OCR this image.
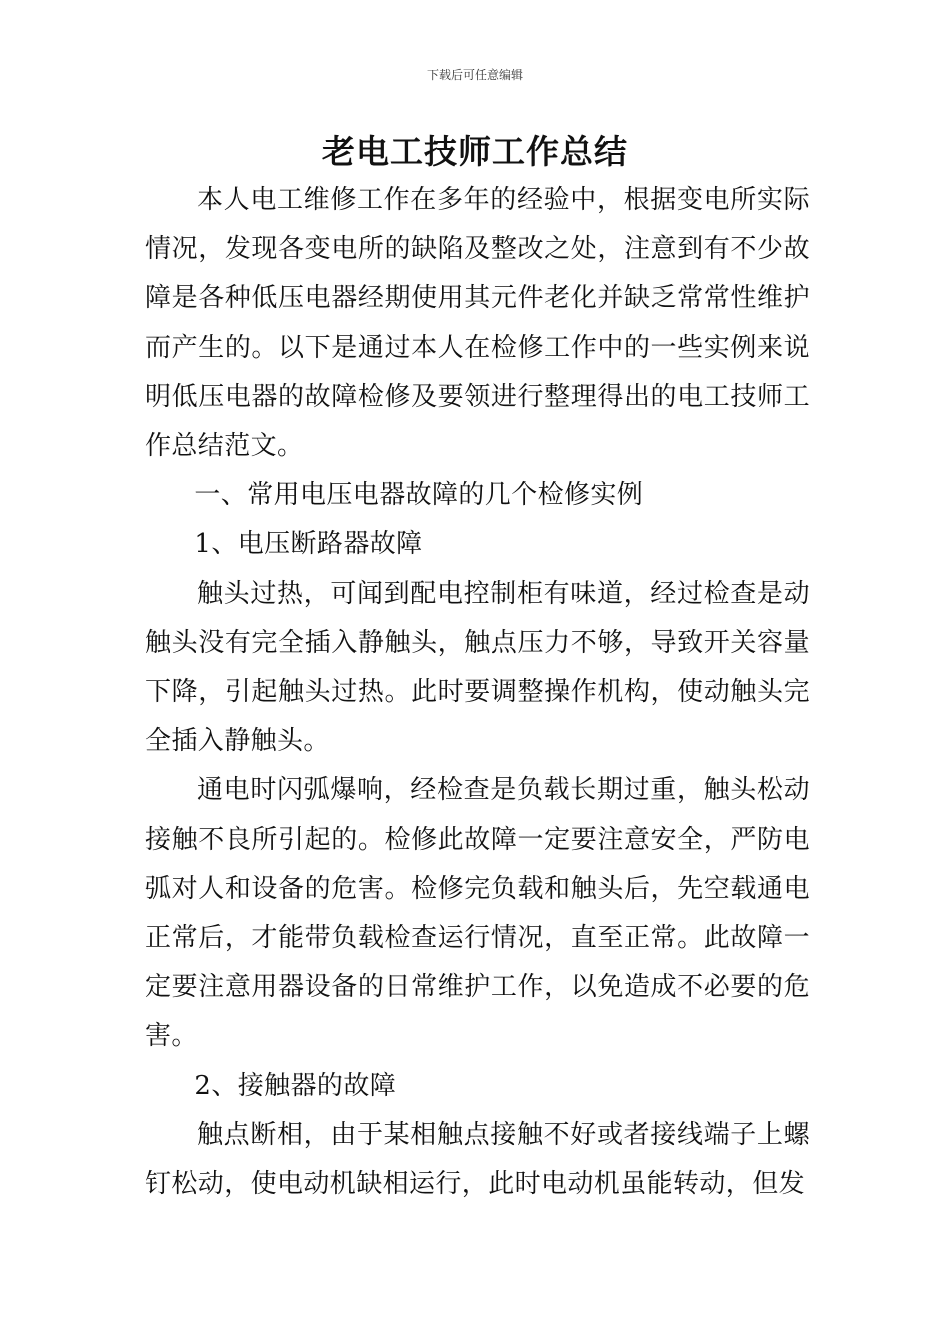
下载后可任意编辑
老电工技师工作总结

本人电工维修工作在多年的经验中，根据变电所实际情况，发现各变电所的缺陷及整改之处，注意到有不少故障是各种低压电器经期使用其元件老化并缺乏常常性维护而产生的。以下是通过本人在检修工作中的一些实例来说明低压电器的故障检修及要领进行整理得出的电工技师工作总结范文。

一、常用电压电器故障的几个检修实例

1、电压断路器故障

触头过热，可闻到配电控制柜有味道，经过检查是动触头没有完全插入静触头，触点压力不够，导致开关容量下降，引起触头过热。此时要调整操作机构，使动触头完全插入静触头。

通电时闪弧爆响，经检查是负载长期过重，触头松动接触不良所引起的。检修此故障一定要注意安全，严防电弧对人和设备的危害。检修完负载和触头后，先空载通电正常后，才能带负载检查运行情况，直至正常。此故障一定要注意用器设备的日常维护工作，以免造成不必要的危害。

2、接触器的故障

触点断相，由于某相触点接触不好或者接线端子上螺钉松动，使电动机缺相运行，此时电动机虽能转动，但发
